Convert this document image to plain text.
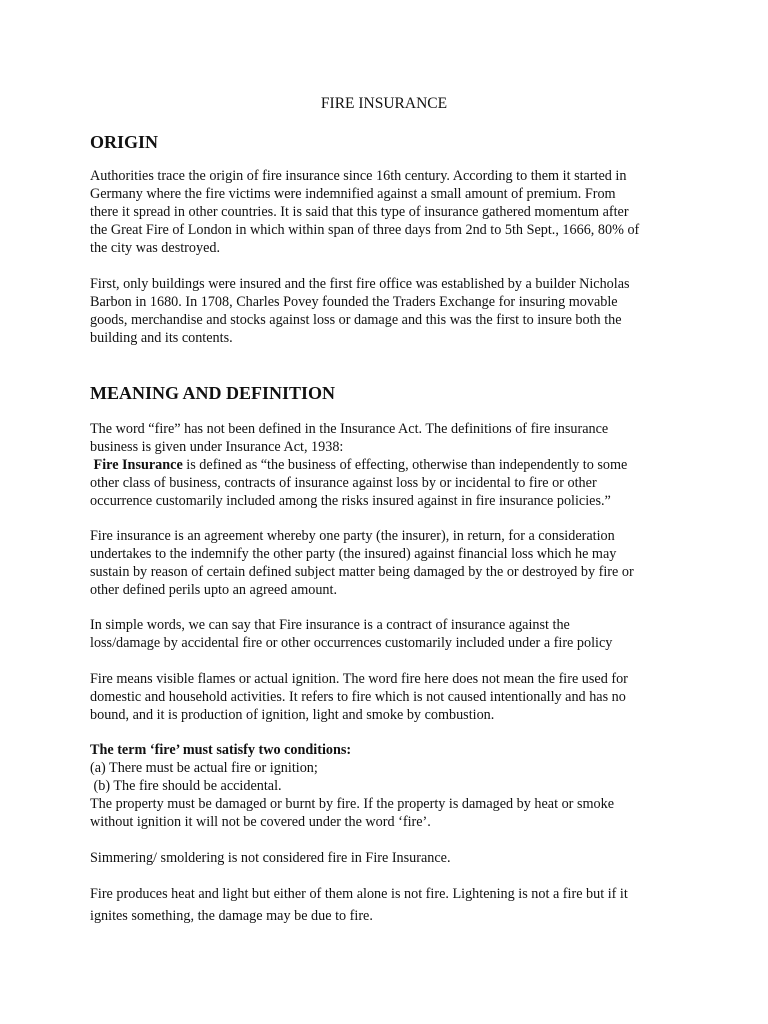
FIRE INSURANCE
ORIGIN
Authorities trace the origin of fire insurance since 16th century. According to them it started in
Germany where the fire victims were indemnified against a small amount of premium. From
there it spread in other countries. It is said that this type of insurance gathered momentum after
the Great Fire of London in which within span of three days from 2nd to 5th Sept., 1666, 80% of
the city was destroyed.
First, only buildings were insured and the first fire office was established by a builder Nicholas
Barbon in 1680. In 1708, Charles Povey founded the Traders Exchange for insuring movable
goods, merchandise and stocks against loss or damage and this was the first to insure both the
building and its contents.
MEANING AND DEFINITION
The word “fire” has not been defined in the Insurance Act. The definitions of fire insurance
business is given under Insurance Act, 1938:
Fire Insurance is defined as “the business of effecting, otherwise than independently to some
other class of business, contracts of insurance against loss by or incidental to fire or other
occurrence customarily included among the risks insured against in fire insurance policies.”
Fire insurance is an agreement whereby one party (the insurer), in return, for a consideration
undertakes to the indemnify the other party (the insured) against financial loss which he may
sustain by reason of certain defined subject matter being damaged by the or destroyed by fire or
other defined perils upto an agreed amount.
In simple words, we can say that Fire insurance is a contract of insurance against the
loss/damage by accidental fire or other occurrences customarily included under a fire policy
Fire means visible flames or actual ignition. The word fire here does not mean the fire used for
domestic and household activities. It refers to fire which is not caused intentionally and has no
bound, and it is production of ignition, light and smoke by combustion.
The term ‘fire’ must satisfy two conditions:
(a) There must be actual fire or ignition;
(b) The fire should be accidental.
The property must be damaged or burnt by fire. If the property is damaged by heat or smoke
without ignition it will not be covered under the word ‘fire’.
Simmering/ smoldering is not considered fire in Fire Insurance.
Fire produces heat and light but either of them alone is not fire. Lightening is not a fire but if it
ignites something, the damage may be due to fire.
